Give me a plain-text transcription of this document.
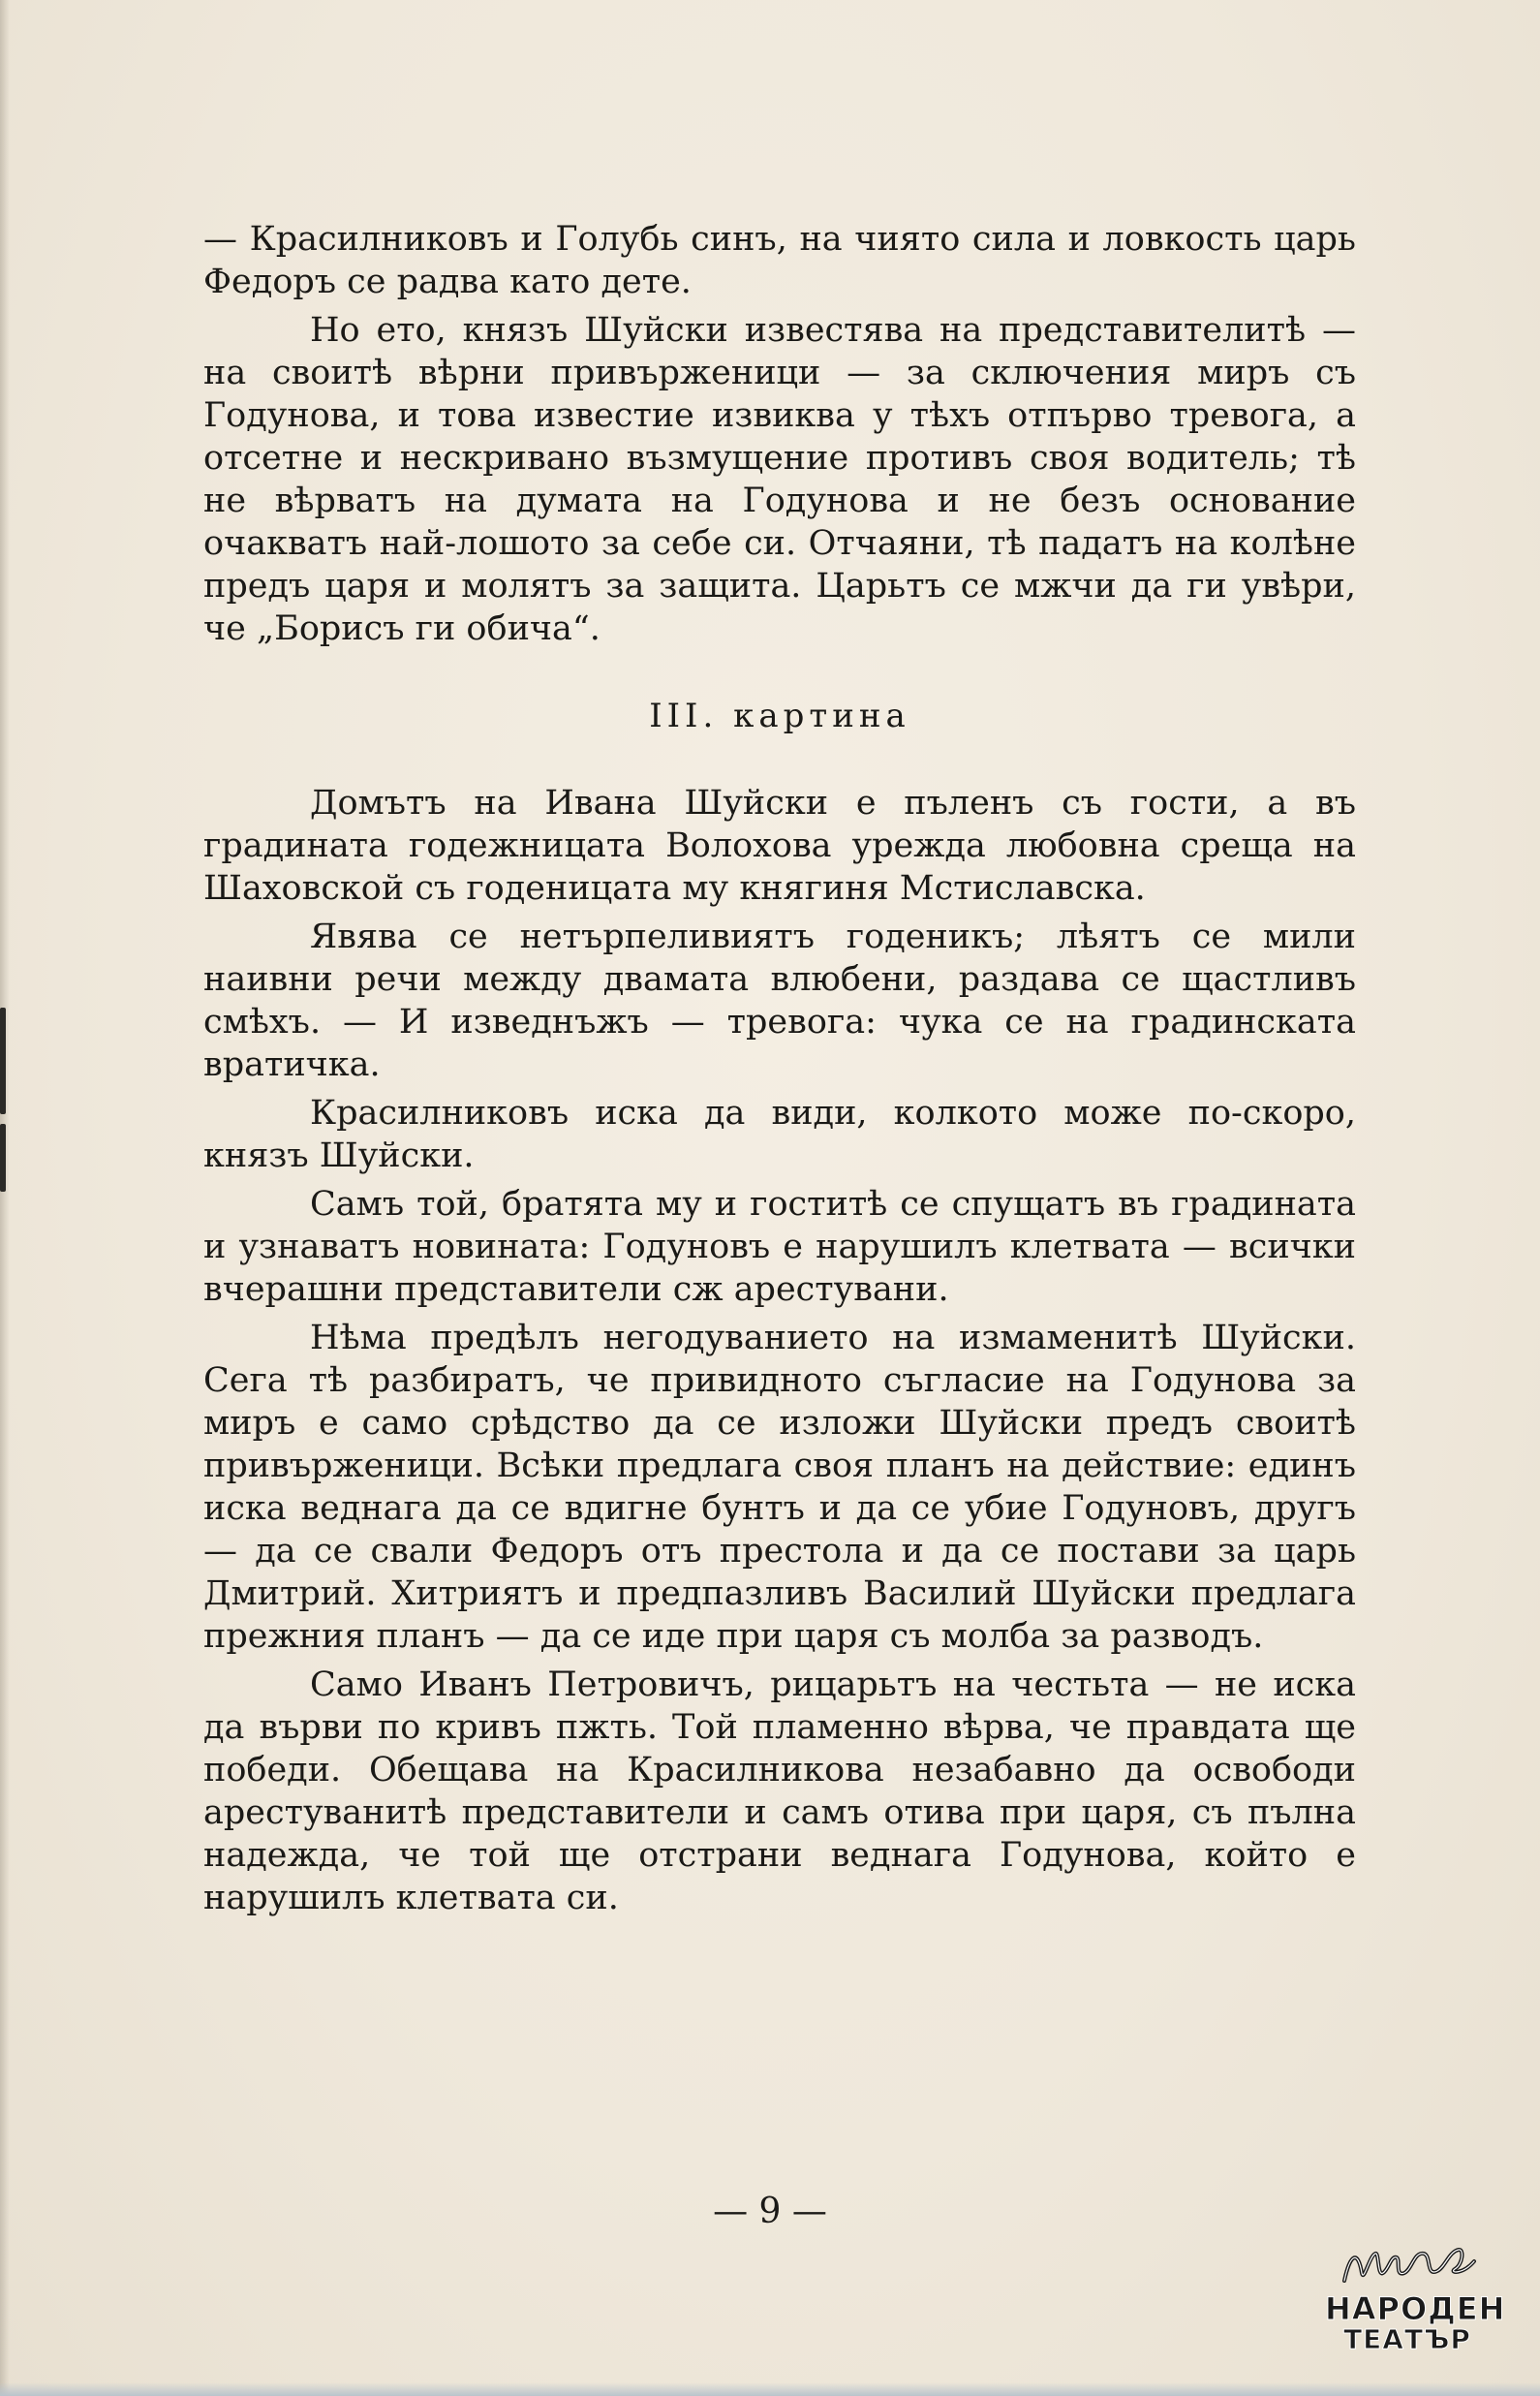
— Красилниковъ и Голубь синъ, на чиято сила и ловкость царь Федоръ се радва като дете.

Но ето, князъ Шуйски известява на представителитѣ — на своитѣ вѣрни привърженици — за сключения миръ съ Годунова, и това известие извиква у тѣхъ отпърво тревога, а отсетне и нескривано възмущение противъ своя водитель; тѣ не вѣрватъ на думата на Годунова и не безъ основание очакватъ най-лошото за себе си. Отчаяни, тѣ падатъ на колѣне предъ царя и молятъ за защита. Царьтъ се мжчи да ги увѣри, че „Борисъ ги обича“.

III. картина

Домътъ на Ивана Шуйски е пъленъ съ гости, а въ градината годежницата Волохова урежда любовна среща на Шаховской съ годеницата му княгиня Мстиславска.

Явява се нетърпеливиятъ годеникъ; лѣятъ се мили наивни речи между двамата влюбени, раздава се щастливъ смѣхъ. — И изведнъжъ — тревога: чука се на градинската вратичка.

Красилниковъ иска да види, колкото може по-скоро, князъ Шуйски.

Самъ той, братята му и гоститѣ се спущатъ въ градината и узнаватъ новината: Годуновъ е нарушилъ клетвата — всички вчерашни представители сж арестувани.

Нѣма предѣлъ негодуванието на измаменитѣ Шуйски. Сега тѣ разбиратъ, че привидното съгласие на Годунова за миръ е само срѣдство да се изложи Шуйски предъ своитѣ привърженици. Всѣки предлага своя планъ на действие: единъ иска веднага да се вдигне бунтъ и да се убие Годуновъ, другъ — да се свали Федоръ отъ престола и да се постави за царь Дмитрий. Хитриятъ и предпазливъ Василий Шуйски предлага прежния планъ — да се иде при царя съ молба за разводъ.

Само Иванъ Петровичъ, рицарьтъ на честьта — не иска да върви по кривъ пжть. Той пламенно вѣрва, че правдата ще победи. Обещава на Красилникова незабавно да освободи арестуванитѣ представители и самъ отива при царя, съ пълна надежда, че той ще отстрани веднага Годунова, който е нарушилъ клетвата си.

— 9 —
НАРОДЕН
ТЕАТЪР
